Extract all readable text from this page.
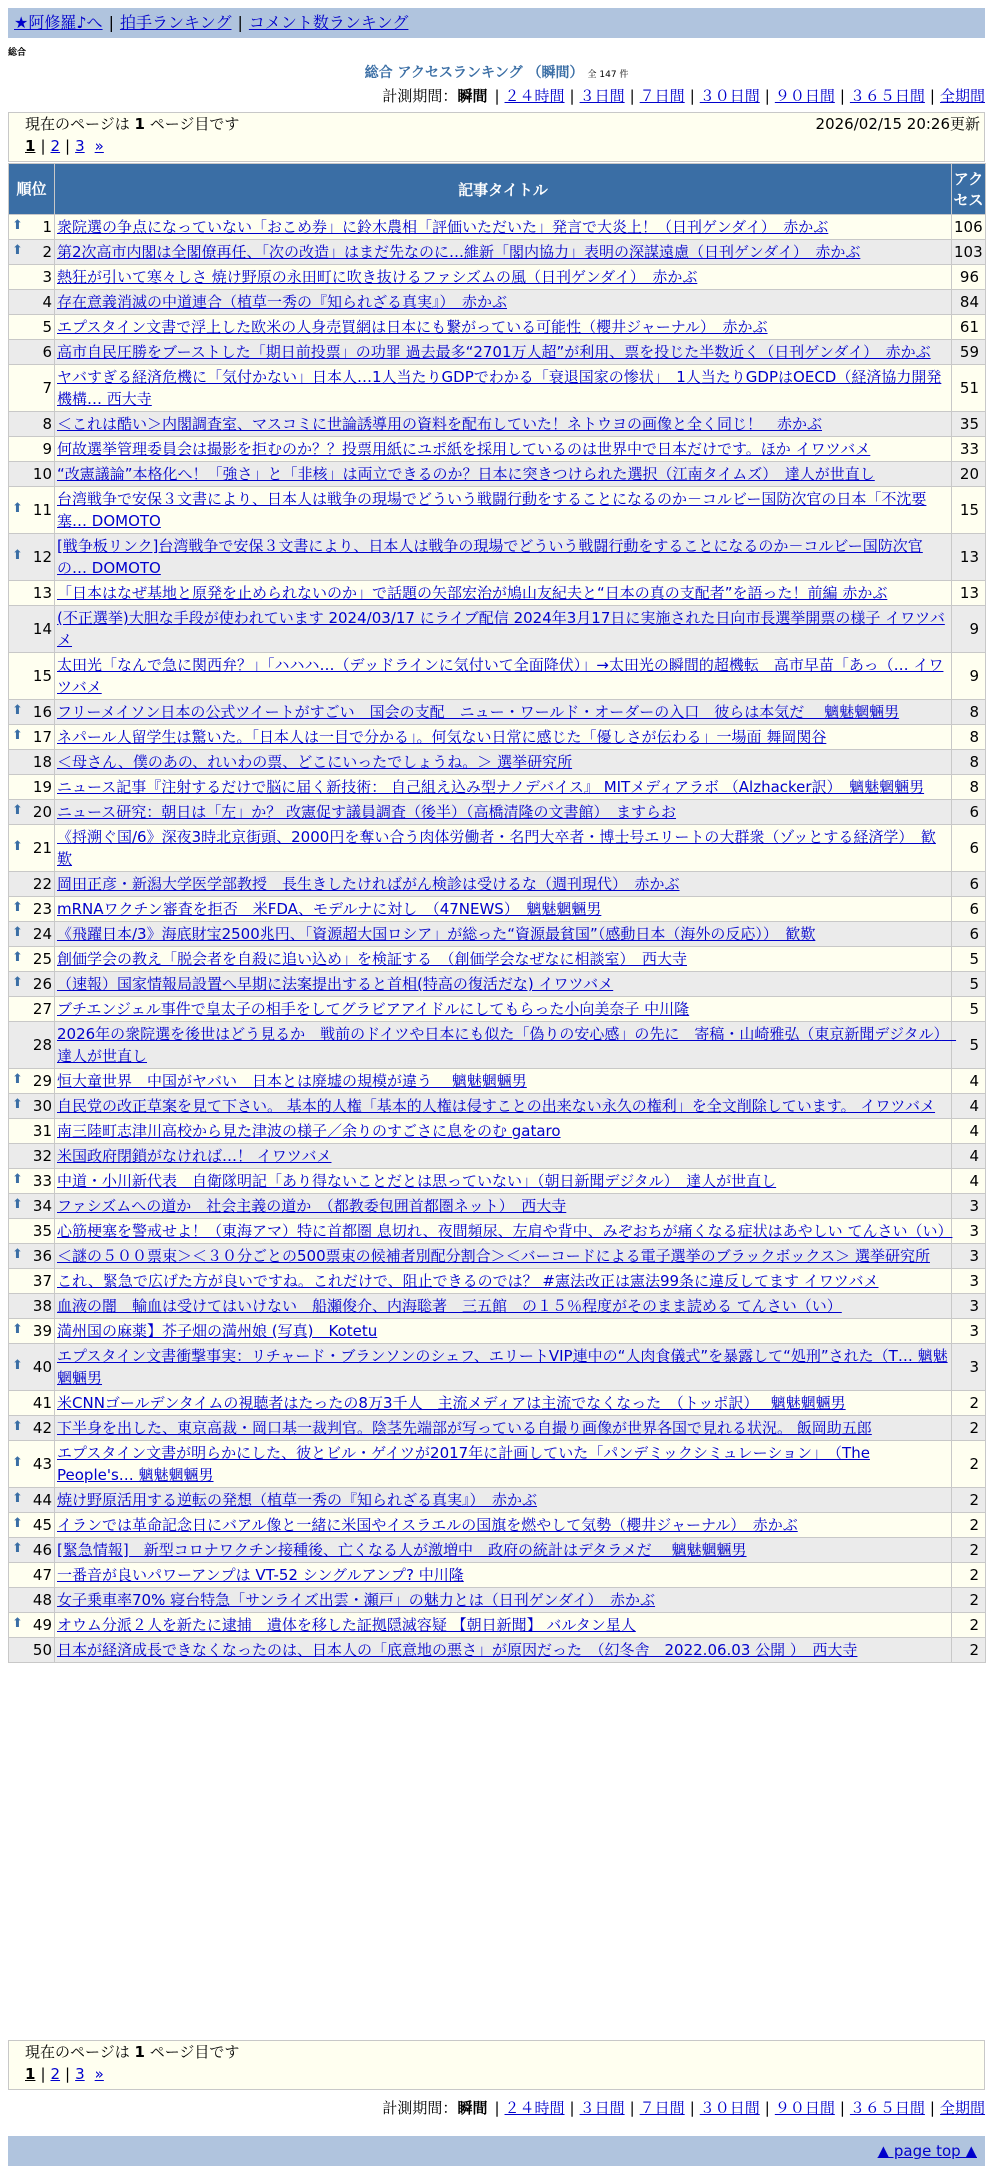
★阿修羅♪へ | 拍手ランキング | コメント数ランキング
総合
総合 アクセスランキング （瞬間） 全 147 件
計測期間：瞬間 | ２４時間 | ３日間 | ７日間 | ３０日間 | ９０日間 | ３６５日間 | 全期間
現在のページは 1 ページ目です	2026/02/15 20:26更新
1 | 2 | 3 »
順位	記事タイトル	アクセス

⬆ 1	衆院選の争点になっていない「おこめ券」に鈴木農相「評価いただいた」発言で大炎上！（日刊ゲンダイ）　赤かぶ	106

⬆ 2	第2次高市内閣は全閣僚再任、「次の改造」はまだ先なのに…維新「閣内協力」表明の深謀遠慮（日刊ゲンダイ）　赤かぶ	103
3	熱狂が引いて寒々しさ 焼け野原の永田町に吹き抜けるファシズムの風（日刊ゲンダイ）　赤かぶ	96
4	存在意義消滅の中道連合（植草一秀の『知られざる真実』）　赤かぶ	84
5	エプスタイン文書で浮上した欧米の人身売買網は日本にも繋がっている可能性（櫻井ジャーナル）　赤かぶ	61
6	高市自民圧勝をブーストした「期日前投票」の功罪 過去最多“2701万人超”が利用、票を投じた半数近く（日刊ゲンダイ）　赤かぶ	59
7	ヤバすぎる経済危機に「気付かない」日本人…1人当たりGDPでわかる「衰退国家の惨状」　1人当たりGDPはOECD（経済協力開発機構… 西大寺	51
8	＜これは酷い＞内閣調査室、マスコミに世論誘導用の資料を配布していた！ネトウヨの画像と全く同じ！　赤かぶ	35
9	何故選挙管理委員会は撮影を拒むのか？？投票用紙にユポ紙を採用しているのは世界中で日本だけです。ほか イワツバメ	33
10	“改憲議論”本格化へ！「強さ」と「非核」は両立できるのか？日本に突きつけられた選択（江南タイムズ）　達人が世直し	20

⬆ 11	台湾戦争で安保３文書により、日本人は戦争の現場でどういう戦闘行動をすることになるのか－コルビー国防次官の日本「不沈要塞… DOMOTO	15

⬆ 12	[戦争板リンク]台湾戦争で安保３文書により、日本人は戦争の現場でどういう戦闘行動をすることになるのか－コルビー国防次官の… DOMOTO	13
13	「日本はなぜ基地と原発を止められないのか」で話題の矢部宏治が鳩山友紀夫と“日本の真の支配者”を語った！前編 赤かぶ	13
14	(不正選挙)大胆な手段が使われています 2024/03/17 にライブ配信 2024年3月17日に実施された日向市長選挙開票の様子 イワツバメ	9
15	太田光「なんで急に関西弁？」「ハハハ…（デッドラインに気付いて全面降伏）」→太田光の瞬間的超機転　高市早苗「あっ（… イワツバメ	9

⬆ 16	フリーメイソン日本の公式ツイートがすごい　国会の支配　ニュー・ワールド・オーダーの入口　彼らは本気だ　 魑魅魍魎男	8

⬆ 17	ネパール人留学生は驚いた。「日本人は一目で分かる」。何気ない日常に感じた「優しさが伝わる」一場面 舞岡関谷	8
18	＜母さん、僕のあの、れいわの票、どこにいったでしょうね。＞ 選挙研究所	8
19	ニュース記事『注射するだけで脳に届く新技術： 自己組え込み型ナノデバイス』 MITメディアラボ （Alzhacker訳）　魑魅魍魎男	8

⬆ 20	ニュース研究：朝日は「左」か？ 改憲促す議員調査（後半）（高橋清隆の文書館）　ますらお	6

⬆ 21	《捋溯ぐ国/6》深夜3時北京街頭、2000円を奪い合う肉体労働者・名門大卒者・博士号エリートの大群衆（ゾッとする経済学）　歓歎	6
22	岡田正彦・新潟大学医学部教授　長生きしたければがん検診は受けるな（週刊現代）　赤かぶ	6

⬆ 23	mRNAワクチン審査を拒否　米FDA、モデルナに対し　（47NEWS）　魑魅魍魎男	6

⬆ 24	《飛躍日本/3》海底財宝2500兆円、「資源超大国ロシア」が総った“資源最貧国”（感動日本（海外の反応））　歓歎	6

⬆ 25	創価学会の教え「脱会者を自殺に追い込め」を検証する　（創価学会なぜなに相談室）　西大寺	5

⬆ 26	（速報）国家情報局設置へ早期に法案提出すると首相(特高の復活だな) イワツバメ	5
27	ブチエンジェル事件で皇太子の相手をしてグラビアアイドルにしてもらった小向美奈子 中川隆	5
28	2026年の衆院選を後世はどう見るか　戦前のドイツや日本にも似た「偽りの安心感」の先に　寄稿・山崎雅弘（東京新聞デジタル）　達人が世直し	5

⬆ 29	恒大童世界　中国がヤバい　日本とは廃墟の規模が違う　 魑魅魍魎男	4

⬆ 30	自民党の改正草案を見て下さい。 基本的人権「基本的人権は侵すことの出来ない永久の権利」を全文削除しています。 イワツバメ	4
31	南三陸町志津川高校から見た津波の様子／余りのすごさに息をのむ gataro	4
32	米国政府閉鎖がなければ…！ イワツバメ	4

⬆ 33	中道・小川新代表　自衛隊明記「あり得ないことだとは思っていない」（朝日新聞デジタル）　達人が世直し	4

⬆ 34	ファシズムへの道か　社会主義の道か　（都教委包囲首都圏ネット）　西大寺	3
35	心筋梗塞を警戒せよ！（東海アマ）特に首都圏 息切れ、夜間頻尿、左肩や背中、みぞおちが痛くなる症状はあやしい てんさい（い）	3

⬆ 36	＜謎の５００票束＞＜３０分ごとの500票束の候補者別配分割合＞＜バーコードによる電子選挙のブラックボックス＞ 選挙研究所	3
37	これ、緊急で広げた方が良いですね。これだけで、阻止できるのでは？ #憲法改正は憲法99条に違反してます イワツバメ	3
38	血液の闇　輸血は受けてはいけない　船瀬俊介、内海聡著　三五館　の１５％程度がそのまま読める てんさい（い）	3

⬆ 39	満州国の麻薬】芥子畑の満州娘 (写真)　Kotetu	3

⬆ 40	エプスタイン文書衝撃事実：リチャード・ブランソンのシェフ、エリートVIP連中の“人肉食儀式”を暴露して“処刑”された（T… 魑魅魍魎男	3
41	米CNNゴールデンタイムの視聴者はたったの8万3千人　主流メディアは主流でなくなった　（トッポ訳）　 魑魅魍魎男	2

⬆ 42	下半身を出した、東京高裁・岡口基一裁判官。陰茎先端部が写っている自撮り画像が世界各国で見れる状況。 飯岡助五郎	2

⬆ 43	エプスタイン文書が明らかにした、彼とビル・ゲイツが2017年に計画していた「パンデミックシミュレーション」　（The People's… 魑魅魍魎男	2

⬆ 44	焼け野原活用する逆転の発想（植草一秀の『知られざる真実』）　赤かぶ	2

⬆ 45	イランでは革命記念日にバアル像と一緒に米国やイスラエルの国旗を燃やして気勢（櫻井ジャーナル）　赤かぶ	2

⬆ 46	[緊急情報]　新型コロナワクチン接種後、亡くなる人が激増中　政府の統計はデタラメだ　 魑魅魍魎男	2
47	一番音が良いパワーアンプは VT-52 シングルアンプ? 中川隆	2
48	女子乗車率70% 寝台特急「サンライズ出雲・瀬戸」の魅力とは（日刊ゲンダイ）　赤かぶ	2

⬆ 49	オウム分派２人を新たに逮捕　遺体を移した証拠隠滅容疑 【朝日新聞】 バルタン星人	2
50	日本が経済成長できなくなったのは、日本人の「底意地の悪さ」が原因だった　（幻冬舎　2022.06.03 公開 ）　西大寺	2
現在のページは 1 ページ目です
1 | 2 | 3 »
計測期間：瞬間 | ２４時間 | ３日間 | ７日間 | ３０日間 | ９０日間 | ３６５日間 | 全期間
▲ page top ▲
